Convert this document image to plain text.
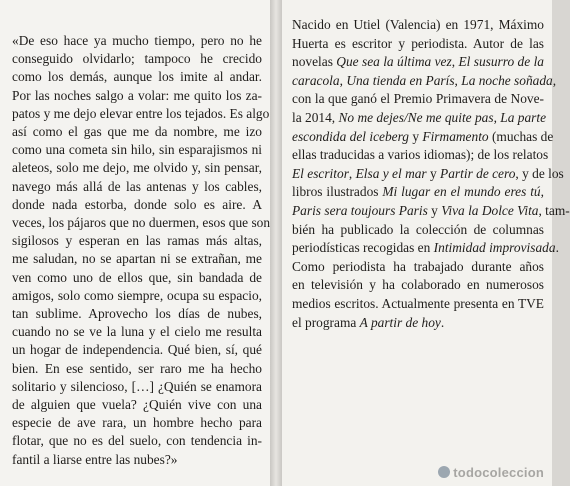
«De eso hace ya mucho tiempo, pero no he
conseguido olvidarlo; tampoco he crecido
como los demás, aunque los imite al andar.
Por las noches salgo a volar: me quito los za-
patos y me dejo elevar entre los tejados. Es algo
así como el gas que me da nombre, me izo
como una cometa sin hilo, sin esparajismos ni
aleteos, solo me dejo, me olvido y, sin pensar,
navego más allá de las antenas y los cables,
donde nada estorba, donde solo es aire. A
veces, los pájaros que no duermen, esos que son
sigilosos y esperan en las ramas más altas,
me saludan, no se apartan ni se extrañan, me
ven como uno de ellos que, sin bandada de
amigos, solo como siempre, ocupa su espacio,
tan sublime. Aprovecho los días de nubes,
cuando no se ve la luna y el cielo me resulta
un hogar de independencia. Qué bien, sí, qué
bien. En ese sentido, ser raro me ha hecho
solitario y silencioso, […] ¿Quién se enamora
de alguien que vuela? ¿Quién vive con una
especie de ave rara, un hombre hecho para
flotar, que no es del suelo, con tendencia in-
fantil a liarse entre las nubes?»
Nacido en Utiel (Valencia) en 1971, Máximo
Huerta es escritor y periodista. Autor de las
novelas Que sea la última vez, El susurro de la
caracola, Una tienda en París, La noche soñada,
con la que ganó el Premio Primavera de Nove-
la 2014, No me dejes/Ne me quite pas, La parte
escondida del iceberg y Firmamento (muchas de
ellas traducidas a varios idiomas); de los relatos
El escritor, Elsa y el mar y Partir de cero, y de los
libros ilustrados Mi lugar en el mundo eres tú,
Paris sera toujours Paris y Viva la Dolce Vita, tam-
bién ha publicado la colección de columnas
periodísticas recogidas en Intimidad improvisada.
Como periodista ha trabajado durante años
en televisión y ha colaborado en numerosos
medios escritos. Actualmente presenta en TVE
el programa A partir de hoy.
todocoleccion
